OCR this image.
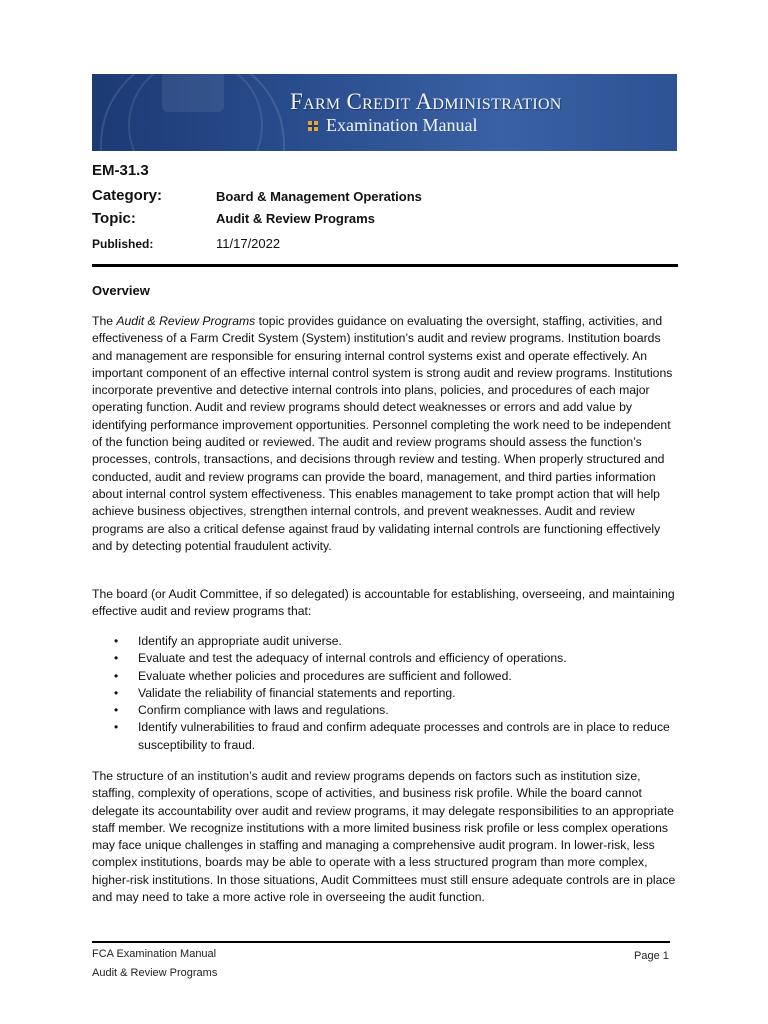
Farm Credit Administration
Examination Manual
EM-31.3
Category:	Board & Management Operations
Topic:	Audit & Review Programs
Published:	11/17/2022
Overview

The Audit & Review Programs topic provides guidance on evaluating the oversight, staffing, activities, and effectiveness of a Farm Credit System (System) institution’s audit and review programs. Institution boards and management are responsible for ensuring internal control systems exist and operate effectively. An important component of an effective internal control system is strong audit and review programs. Institutions incorporate preventive and detective internal controls into plans, policies, and procedures of each major operating function. Audit and review programs should detect weaknesses or errors and add value by identifying performance improvement opportunities. Personnel completing the work need to be independent of the function being audited or reviewed. The audit and review programs should assess the function’s processes, controls, transactions, and decisions through review and testing. When properly structured and conducted, audit and review programs can provide the board, management, and third parties information about internal control system effectiveness. This enables management to take prompt action that will help achieve business objectives, strengthen internal controls, and prevent weaknesses. Audit and review programs are also a critical defense against fraud by validating internal controls are functioning effectively and by detecting potential fraudulent activity.

The board (or Audit Committee, if so delegated) is accountable for establishing, overseeing, and maintaining effective audit and review programs that:

• Identify an appropriate audit universe.
• Evaluate and test the adequacy of internal controls and efficiency of operations.
• Evaluate whether policies and procedures are sufficient and followed.
• Validate the reliability of financial statements and reporting.
• Confirm compliance with laws and regulations.
• Identify vulnerabilities to fraud and confirm adequate processes and controls are in place to reduce susceptibility to fraud.

The structure of an institution’s audit and review programs depends on factors such as institution size, staffing, complexity of operations, scope of activities, and business risk profile. While the board cannot delegate its accountability over audit and review programs, it may delegate responsibilities to an appropriate staff member. We recognize institutions with a more limited business risk profile or less complex operations may face unique challenges in staffing and managing a comprehensive audit program. In lower-risk, less complex institutions, boards may be able to operate with a less structured program than more complex, higher-risk institutions. In those situations, Audit Committees must still ensure adequate controls are in place and may need to take a more active role in overseeing the audit function.

FCA Examination Manual
Audit & Review Programs
Page 1
